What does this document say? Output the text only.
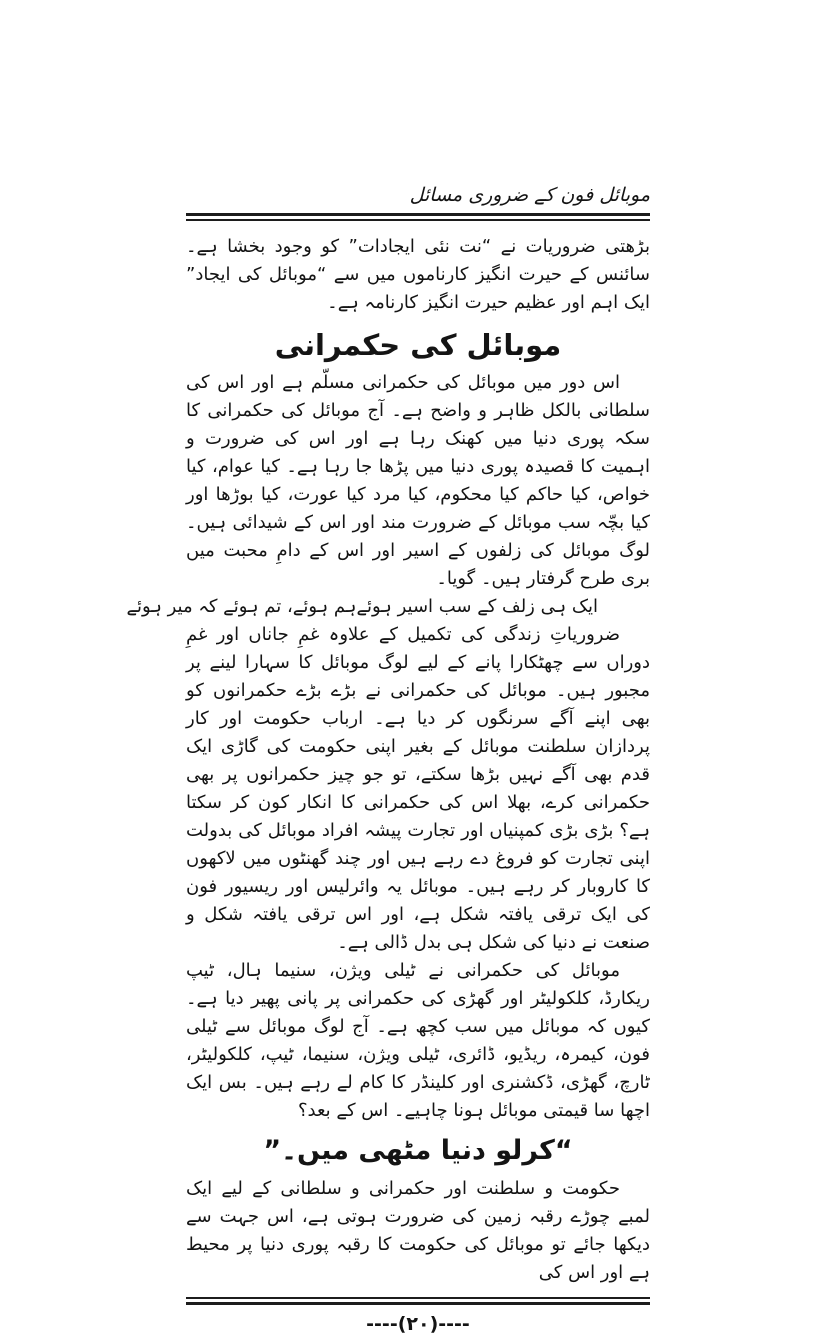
موبائل فون کے ضروری مسائل

بڑھتی ضروریات نے “نت نئی ایجادات” کو وجود بخشا ہے۔ سائنس کے حیرت انگیز کارناموں میں سے “موبائل کی ایجاد” ایک اہم اور عظیم حیرت انگیز کارنامہ ہے۔

موبائل کی حکمرانی

اس دور میں موبائل کی حکمرانی مسلّم ہے اور اس کی سلطانی بالکل ظاہر و واضح ہے۔ آج موبائل کی حکمرانی کا سکہ پوری دنیا میں کھنک رہا ہے اور اس کی ضرورت و اہمیت کا قصیدہ پوری دنیا میں پڑھا جا رہا ہے۔ کیا عوام، کیا خواص، کیا حاکم کیا محکوم، کیا مرد کیا عورت، کیا بوڑھا اور کیا بچّہ سب موبائل کے ضرورت مند اور اس کے شیدائی ہیں۔ لوگ موبائل کی زلفوں کے اسیر اور اس کے دامِ محبت میں بری طرح گرفتار ہیں۔ گویا۔

ایک ہی زلف کے سب اسیر ہوئے
ہم ہوئے، تم ہوئے کہ میر ہوئے

ضروریاتِ زندگی کی تکمیل کے علاوہ غمِ جاناں اور غمِ دوراں سے چھٹکارا پانے کے لیے لوگ موبائل کا سہارا لینے پر مجبور ہیں۔ موبائل کی حکمرانی نے بڑے بڑے حکمرانوں کو بھی اپنے آگے سرنگوں کر دیا ہے۔ ارباب حکومت اور کار پردازان سلطنت موبائل کے بغیر اپنی حکومت کی گاڑی ایک قدم بھی آگے نہیں بڑھا سکتے، تو جو چیز حکمرانوں پر بھی حکمرانی کرے، بھلا اس کی حکمرانی کا انکار کون کر سکتا ہے؟ بڑی بڑی کمپنیاں اور تجارت پیشہ افراد موبائل کی بدولت اپنی تجارت کو فروغ دے رہے ہیں اور چند گھنٹوں میں لاکھوں کا کاروبار کر رہے ہیں۔ موبائل یہ وائرلیس اور ریسیور فون کی ایک ترقی یافتہ شکل ہے، اور اس ترقی یافتہ شکل و صنعت نے دنیا کی شکل ہی بدل ڈالی ہے۔

موبائل کی حکمرانی نے ٹیلی ویژن، سنیما ہال، ٹیپ ریکارڈ، کلکولیٹر اور گھڑی کی حکمرانی پر پانی پھیر دیا ہے۔ کیوں کہ موبائل میں سب کچھ ہے۔ آج لوگ موبائل سے ٹیلی فون، کیمرہ، ریڈیو، ڈائری، ٹیلی ویژن، سنیما، ٹیپ، کلکولیٹر، ٹارچ، گھڑی، ڈکشنری اور کلینڈر کا کام لے رہے ہیں۔ بس ایک اچھا سا قیمتی موبائل ہونا چاہیے۔ اس کے بعد؟

“کرلو دنیا مٹھی میں۔”

حکومت و سلطنت اور حکمرانی و سلطانی کے لیے ایک لمبے چوڑے رقبہ زمین کی ضرورت ہوتی ہے، اس جہت سے دیکھا جائے تو موبائل کی حکومت کا رقبہ پوری دنیا پر محیط ہے اور اس کی

----(۲۰)----
